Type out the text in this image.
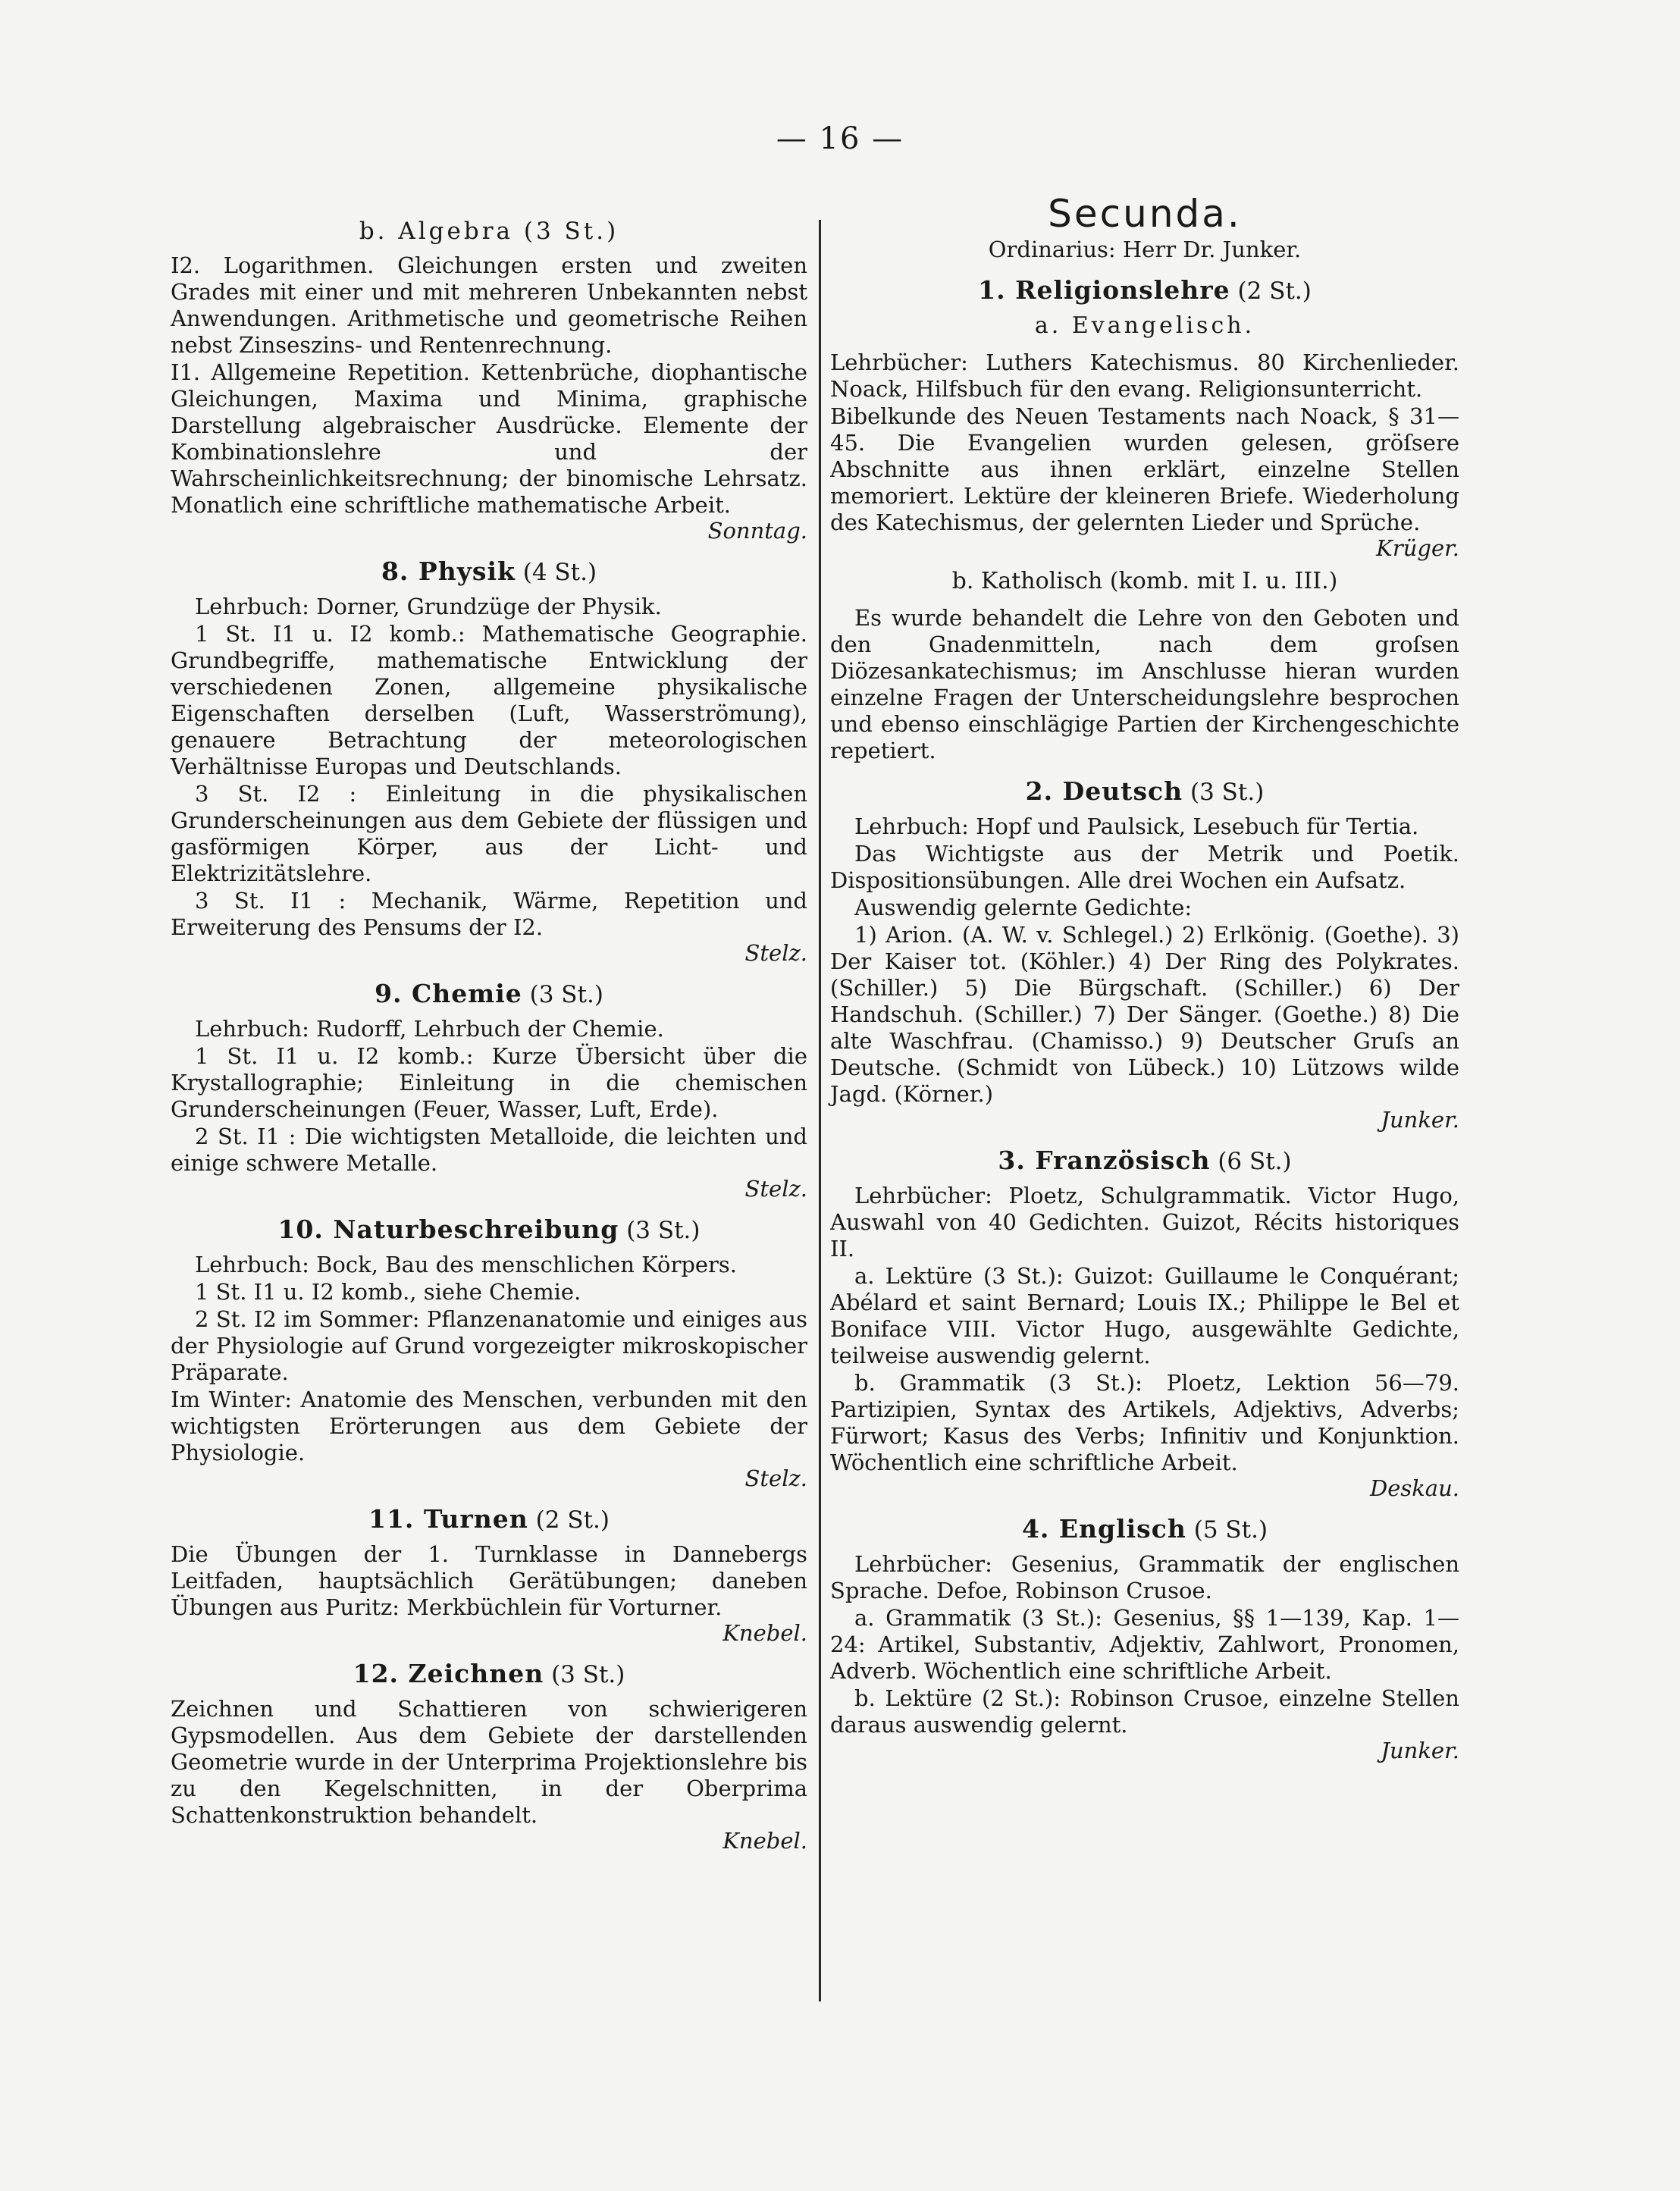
— 16 —

b. Algebra (3 St.)

I2. Logarithmen. Gleichungen ersten und zweiten Grades mit einer und mit mehreren Unbekannten nebst Anwendungen. Arithmetische und geometrische Reihen nebst Zinseszins- und Rentenrechnung.

I1. Allgemeine Repetition. Kettenbrüche, diophantische Gleichungen, Maxima und Minima, graphische Darstellung algebraischer Ausdrücke. Elemente der Kombinationslehre und der Wahrscheinlichkeitsrechnung; der binomische Lehrsatz. Monatlich eine schriftliche mathematische Arbeit.

Sonntag.

8. Physik (4 St.)

Lehrbuch: Dorner, Grundzüge der Physik.

1 St. I1 u. I2 komb.: Mathematische Geographie. Grundbegriffe, mathematische Entwicklung der verschiedenen Zonen, allgemeine physikalische Eigenschaften derselben (Luft, Wasserströmung), genauere Betrachtung der meteorologischen Verhältnisse Europas und Deutschlands.

3 St. I2 : Einleitung in die physikalischen Grunderscheinungen aus dem Gebiete der flüssigen und gasförmigen Körper, aus der Licht- und Elektrizitätslehre.

3 St. I1 : Mechanik, Wärme, Repetition und Erweiterung des Pensums der I2.

Stelz.

9. Chemie (3 St.)

Lehrbuch: Rudorff, Lehrbuch der Chemie.

1 St. I1 u. I2 komb.: Kurze Übersicht über die Krystallographie; Einleitung in die chemischen Grunderscheinungen (Feuer, Wasser, Luft, Erde).

2 St. I1 : Die wichtigsten Metalloide, die leichten und einige schwere Metalle.

Stelz.

10. Naturbeschreibung (3 St.)

Lehrbuch: Bock, Bau des menschlichen Körpers.

1 St. I1 u. I2 komb., siehe Chemie.

2 St. I2 im Sommer: Pflanzenanatomie und einiges aus der Physiologie auf Grund vorgezeigter mikroskopischer Präparate.

Im Winter: Anatomie des Menschen, verbunden mit den wichtigsten Erörterungen aus dem Gebiete der Physiologie.

Stelz.

11. Turnen (2 St.)

Die Übungen der 1. Turnklasse in Dannebergs Leitfaden, hauptsächlich Gerätübungen; daneben Übungen aus Puritz: Merkbüchlein für Vorturner.

Knebel.

12. Zeichnen (3 St.)

Zeichnen und Schattieren von schwierigeren Gypsmodellen. Aus dem Gebiete der darstellenden Geometrie wurde in der Unterprima Projektionslehre bis zu den Kegelschnitten, in der Oberprima Schattenkonstruktion behandelt.

Knebel.

Secunda.

Ordinarius: Herr Dr. Junker.

1. Religionslehre (2 St.)

a. Evangelisch.

Lehrbücher: Luthers Katechismus. 80 Kirchenlieder. Noack, Hilfsbuch für den evang. Religionsunterricht.

Bibelkunde des Neuen Testaments nach Noack, § 31—45. Die Evangelien wurden gelesen, gröſsere Abschnitte aus ihnen erklärt, einzelne Stellen memoriert. Lektüre der kleineren Briefe. Wiederholung des Katechismus, der gelernten Lieder und Sprüche.

Krüger.

b. Katholisch (komb. mit I. u. III.)

Es wurde behandelt die Lehre von den Geboten und den Gnadenmitteln, nach dem groſsen Diözesankatechismus; im Anschlusse hieran wurden einzelne Fragen der Unterscheidungslehre besprochen und ebenso einschlägige Partien der Kirchengeschichte repetiert.

2. Deutsch (3 St.)

Lehrbuch: Hopf und Paulsick, Lesebuch für Tertia.

Das Wichtigste aus der Metrik und Poetik. Dispositionsübungen. Alle drei Wochen ein Aufsatz.

Auswendig gelernte Gedichte:

1) Arion. (A. W. v. Schlegel.) 2) Erlkönig. (Goethe). 3) Der Kaiser tot. (Köhler.) 4) Der Ring des Polykrates. (Schiller.) 5) Die Bürgschaft. (Schiller.) 6) Der Handschuh. (Schiller.) 7) Der Sänger. (Goethe.) 8) Die alte Waschfrau. (Chamisso.) 9) Deutscher Gruſs an Deutsche. (Schmidt von Lübeck.) 10) Lützows wilde Jagd. (Körner.)

Junker.

3. Französisch (6 St.)

Lehrbücher: Ploetz, Schulgrammatik. Victor Hugo, Auswahl von 40 Gedichten. Guizot, Récits historiques II.

a. Lektüre (3 St.): Guizot: Guillaume le Conquérant; Abélard et saint Bernard; Louis IX.; Philippe le Bel et Boniface VIII. Victor Hugo, ausgewählte Gedichte, teilweise auswendig gelernt.

b. Grammatik (3 St.): Ploetz, Lektion 56—79. Partizipien, Syntax des Artikels, Adjektivs, Adverbs; Fürwort; Kasus des Verbs; Infinitiv und Konjunktion. Wöchentlich eine schriftliche Arbeit.

Deskau.

4. Englisch (5 St.)

Lehrbücher: Gesenius, Grammatik der englischen Sprache. Defoe, Robinson Crusoe.

a. Grammatik (3 St.): Gesenius, §§ 1—139, Kap. 1—24: Artikel, Substantiv, Adjektiv, Zahlwort, Pronomen, Adverb. Wöchentlich eine schriftliche Arbeit.

b. Lektüre (2 St.): Robinson Crusoe, einzelne Stellen daraus auswendig gelernt.

Junker.
